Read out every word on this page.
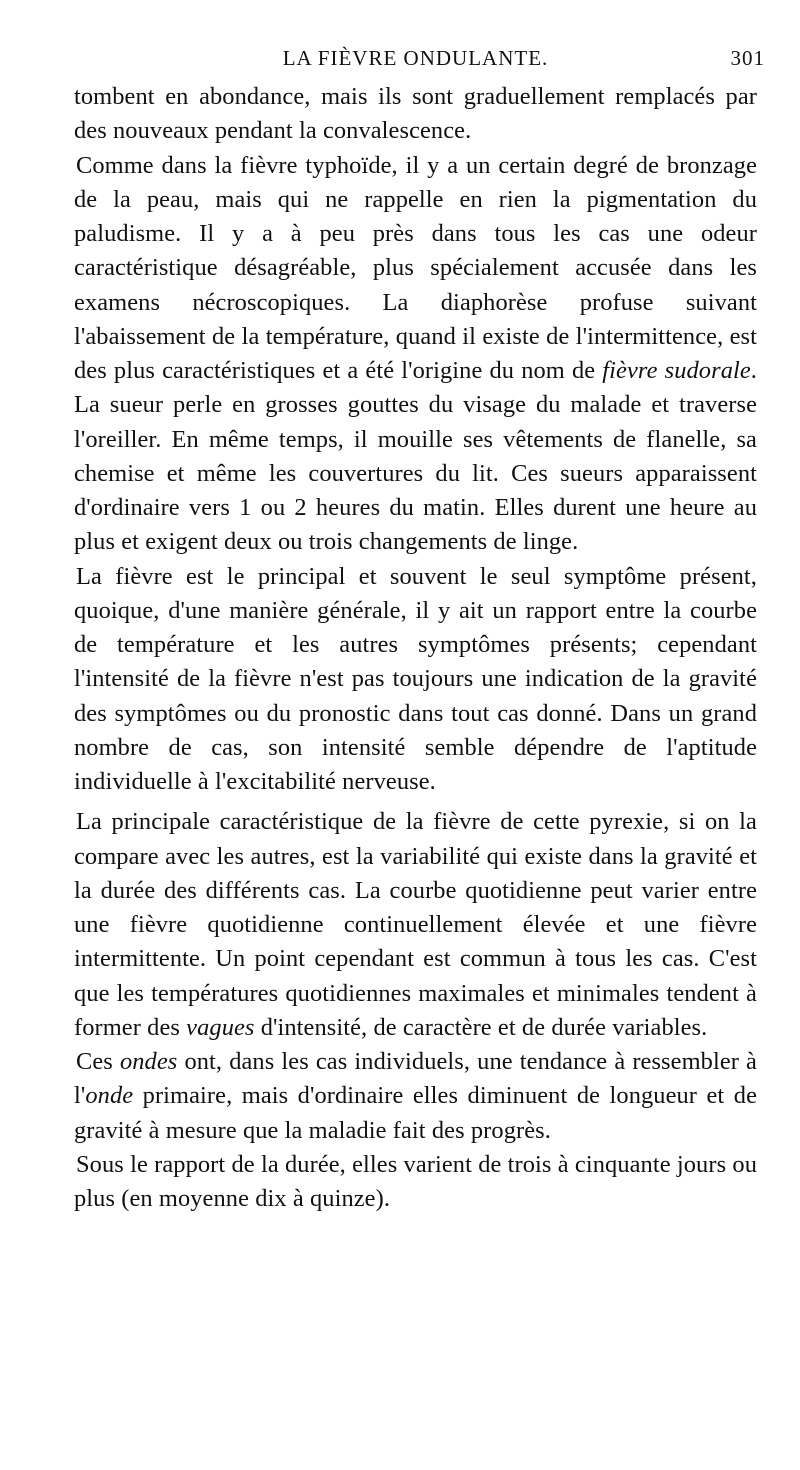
LA FIÈVRE ONDULANTE.	301

tombent en abondance, mais ils sont graduellement remplacés par des nouveaux pendant la convalescence.

Comme dans la fièvre typhoïde, il y a un certain degré de bronzage de la peau, mais qui ne rappelle en rien la pigmentation du paludisme. Il y a à peu près dans tous les cas une odeur caractéristique désagréable, plus spécialement accusée dans les examens nécroscopiques. La diaphorèse profuse suivant l'abaissement de la température, quand il existe de l'intermittence, est des plus caractéristiques et a été l'origine du nom de fièvre sudorale. La sueur perle en grosses gouttes du visage du malade et traverse l'oreiller. En même temps, il mouille ses vêtements de flanelle, sa chemise et même les couvertures du lit. Ces sueurs apparaissent d'ordinaire vers 1 ou 2 heures du matin. Elles durent une heure au plus et exigent deux ou trois changements de linge.

La fièvre est le principal et souvent le seul symptôme présent, quoique, d'une manière générale, il y ait un rapport entre la courbe de température et les autres symptômes présents; cependant l'intensité de la fièvre n'est pas toujours une indication de la gravité des symptômes ou du pronostic dans tout cas donné. Dans un grand nombre de cas, son intensité semble dépendre de l'aptitude individuelle à l'excitabilité nerveuse.

La principale caractéristique de la fièvre de cette pyrexie, si on la compare avec les autres, est la variabilité qui existe dans la gravité et la durée des différents cas. La courbe quotidienne peut varier entre une fièvre quotidienne continuellement élevée et une fièvre intermittente. Un point cependant est commun à tous les cas. C'est que les températures quotidiennes maximales et minimales tendent à former des vagues d'intensité, de caractère et de durée variables.

Ces ondes ont, dans les cas individuels, une tendance à ressembler à l'onde primaire, mais d'ordinaire elles diminuent de longueur et de gravité à mesure que la maladie fait des progrès.

Sous le rapport de la durée, elles varient de trois à cinquante jours ou plus (en moyenne dix à quinze).
